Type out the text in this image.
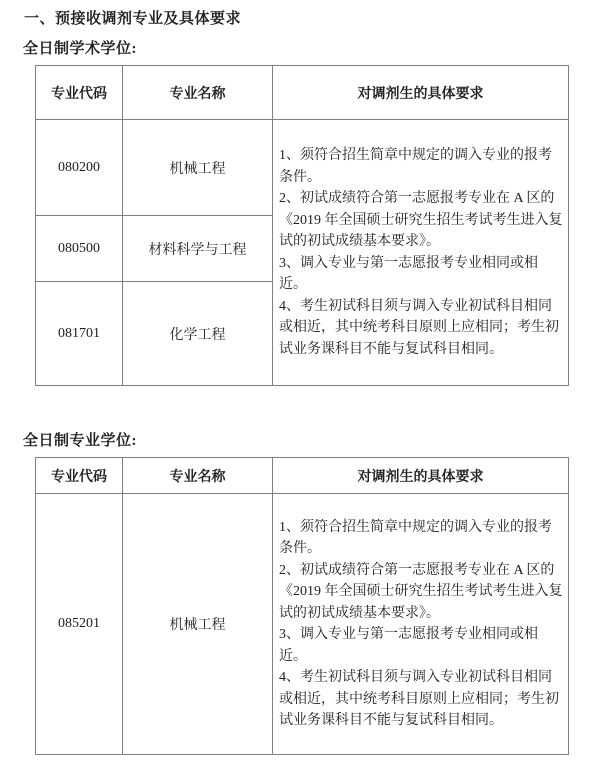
一、预接收调剂专业及具体要求
全日制学术学位:
专业代码	专业名称	对调剂生的具体要求
080200	机械工程	1、须符合招生简章中规定的调入专业的报考条件。

2、初试成绩符合第一志愿报考专业在 A 区的《2019 年全国硕士研究生招生考试考生进入复试的初试成绩基本要求》。

3、调入专业与第一志愿报考专业相同或相近。

4、考生初试科目须与调入专业初试科目相同或相近，其中统考科目原则上应相同；考生初试业务课科目不能与复试科目相同。

080500	材料科学与工程	
081701	化学工程	
全日制专业学位:
专业代码	专业名称	对调剂生的具体要求
085201	机械工程	1、须符合招生简章中规定的调入专业的报考条件。

2、初试成绩符合第一志愿报考专业在 A 区的《2019 年全国硕士研究生招生考试考生进入复试的初试成绩基本要求》。

3、调入专业与第一志愿报考专业相同或相近。

4、考生初试科目须与调入专业初试科目相同或相近，其中统考科目原则上应相同；考生初试业务课科目不能与复试科目相同。
